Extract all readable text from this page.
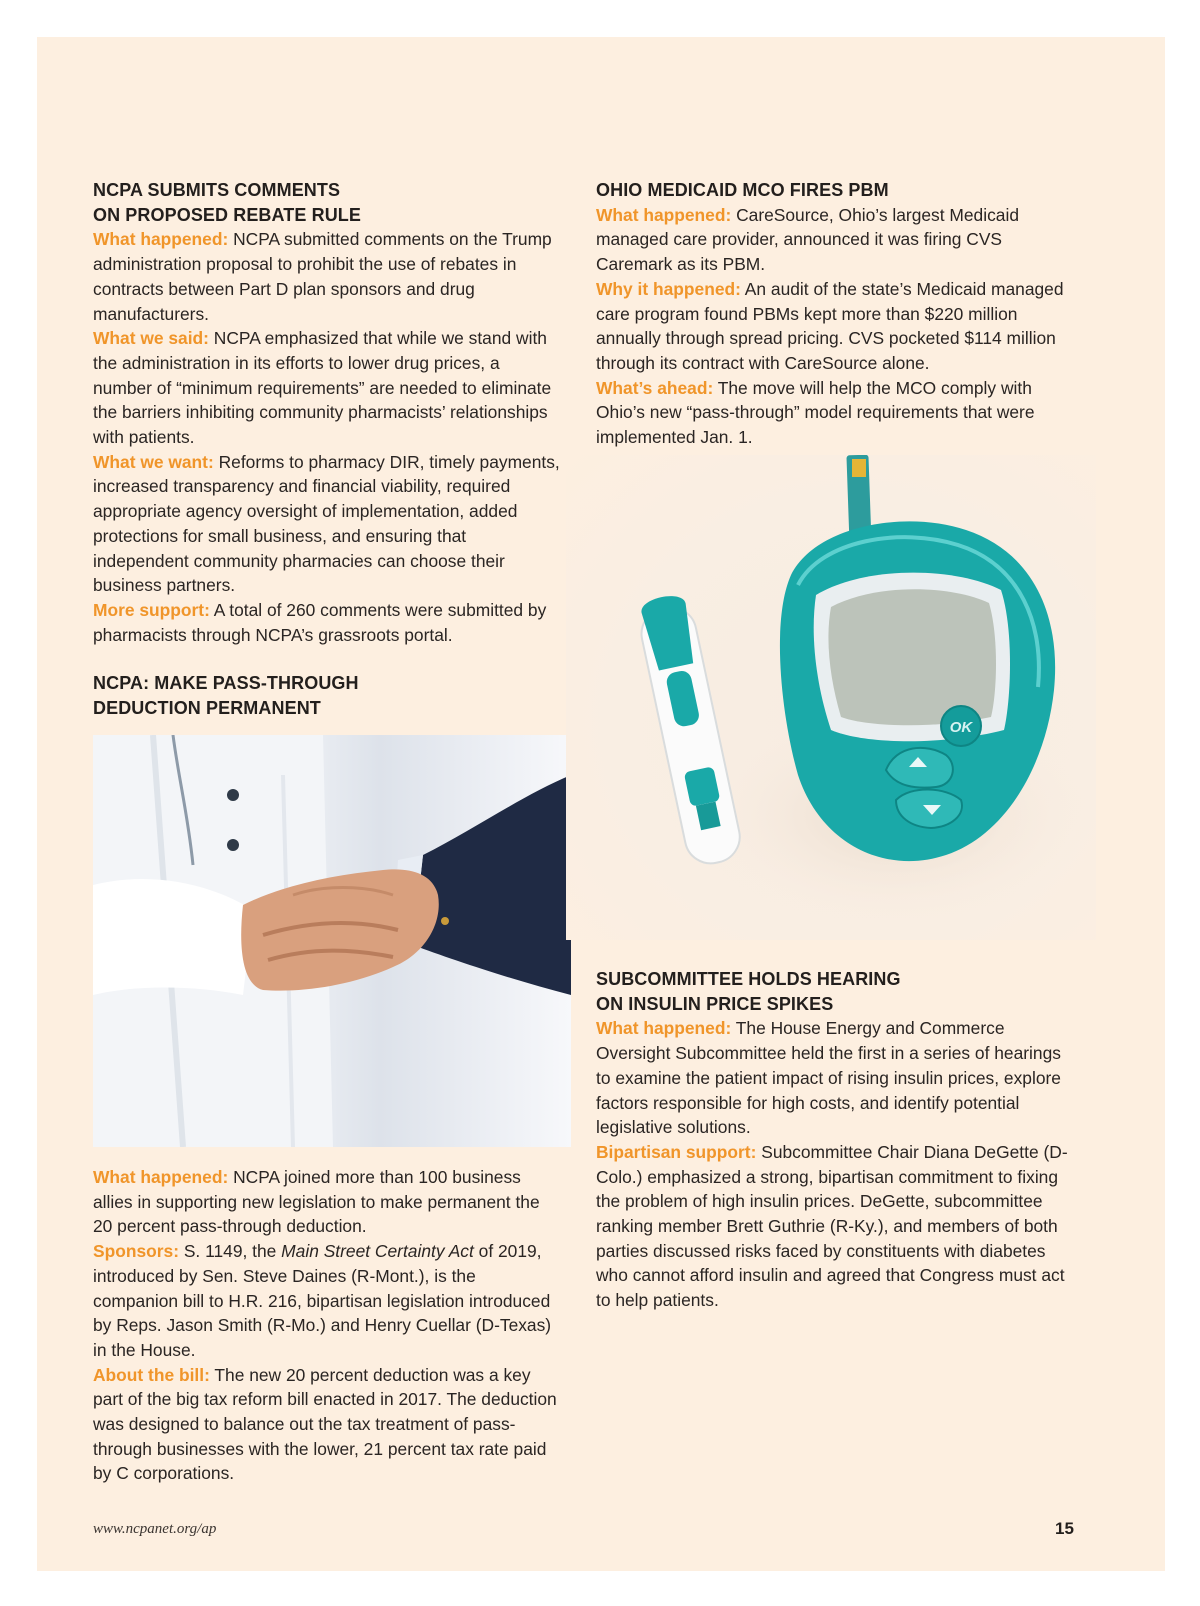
NCPA SUBMITS COMMENTS
ON PROPOSED REBATE RULE

What happened: NCPA submitted comments on the Trump administration proposal to prohibit the use of rebates in contracts between Part D plan sponsors and drug manufacturers.

What we said: NCPA emphasized that while we stand with the administration in its efforts to lower drug prices, a number of “minimum requirements” are needed to eliminate the barriers inhibiting community pharmacists’ relationships with patients.

What we want: Reforms to pharmacy DIR, timely payments, increased transparency and financial viability, required appropriate agency oversight of implementation, added protections for small business, and ensuring that independent community pharmacies can choose their business partners.

More support: A total of 260 comments were submitted by pharmacists through NCPA’s grassroots portal.

NCPA: MAKE PASS-THROUGH
DEDUCTION PERMANENT

What happened: NCPA joined more than 100 business allies in supporting new legislation to make permanent the 20 percent pass-through deduction.

Sponsors: S. 1149, the Main Street Certainty Act of 2019, introduced by Sen. Steve Daines (R-Mont.), is the companion bill to H.R. 216, bipartisan legislation introduced by Reps. Jason Smith (R-Mo.) and Henry Cuellar (D-Texas) in the House.

About the bill: The new 20 percent deduction was a key part of the big tax reform bill enacted in 2017. The deduction was designed to balance out the tax treatment of pass-through businesses with the lower, 21 percent tax rate paid by C corporations.

OHIO MEDICAID MCO FIRES PBM

What happened: CareSource, Ohio’s largest Medicaid managed care provider, announced it was firing CVS Caremark as its PBM.

Why it happened: An audit of the state’s Medicaid managed care program found PBMs kept more than $220 million annually through spread pricing. CVS pocketed $114 million through its contract with CareSource alone.

What’s ahead: The move will help the MCO comply with Ohio’s new “pass-through” model requirements that were implemented Jan. 1.

OK
SUBCOMMITTEE HOLDS HEARING
ON INSULIN PRICE SPIKES

What happened: The House Energy and Commerce Oversight Subcommittee held the first in a series of hearings to examine the patient impact of rising insulin prices, explore factors responsible for high costs, and identify potential legislative solutions.

Bipartisan support: Subcommittee Chair Diana DeGette (D-Colo.) emphasized a strong, bipartisan commitment to fixing the problem of high insulin prices. DeGette, subcommittee ranking member Brett Guthrie (R-Ky.), and members of both parties discussed risks faced by constituents with diabetes who cannot afford insulin and agreed that Congress must act to help patients.

www.ncpanet.org/ap	15
